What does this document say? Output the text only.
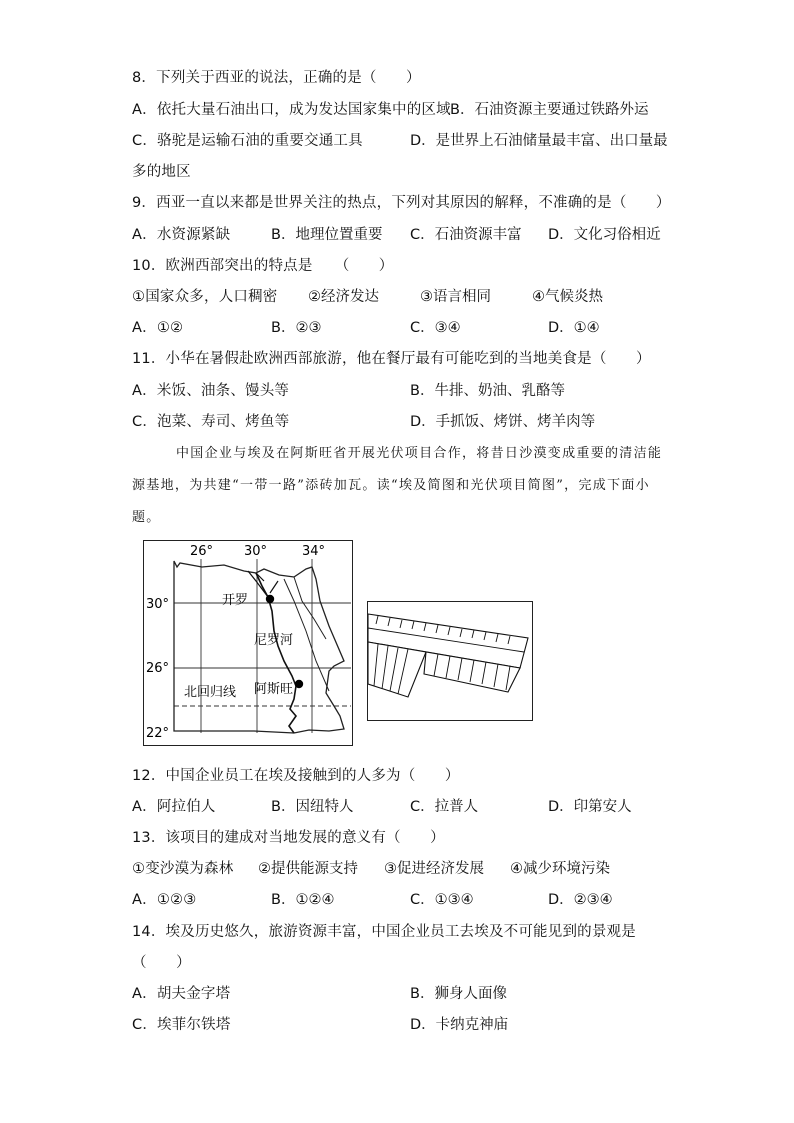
8．下列关于西亚的说法，正确的是（　　）
A．依托大量石油出口，成为发达国家集中的区域 B．石油资源主要通过铁路外运
C．骆驼是运输石油的重要交通工具	D．是世界上石油储量最丰富、出口量最
多的地区
9．西亚一直以来都是世界关注的热点，下列对其原因的解释，不准确的是（　　）
A．水资源紧缺	B．地理位置重要 C．石油资源丰富 D．文化习俗相近
10．欧洲西部突出的特点是　　（　　）
①国家众多，人口稠密 ②经济发达	③语言相同	④气候炎热
A．①②	B．②③	C．③④	D．①④
11．小华在暑假赴欧洲西部旅游，他在餐厅最有可能吃到的当地美食是（　　）
A．米饭、油条、馒头等	B．牛排、奶油、乳酪等
C．泡菜、寿司、烤鱼等	D．手抓饭、烤饼、烤羊肉等
中国企业与埃及在阿斯旺省开展光伏项目合作，将昔日沙漠变成重要的清洁能
源基地，为共建“一带一路”添砖加瓦。读“埃及简图和光伏项目简图”，完成下面小
题。
26° 30°	34°
30°
26°
22°
开罗
尼罗河
北回归线 阿斯旺
12．中国企业员工在埃及接触到的人多为（　　）
A．阿拉伯人	B．因纽特人	C．拉普人	D．印第安人
13．该项目的建成对当地发展的意义有（　　）
①变沙漠为森林 ②提供能源支持 ③促进经济发展 ④减少环境污染
A．①②③	B．①②④	C．①③④	D．②③④
14．埃及历史悠久，旅游资源丰富，中国企业员工去埃及不可能见到的景观是
（　　）
A．胡夫金字塔	B．狮身人面像
C．埃菲尔铁塔	D．卡纳克神庙
